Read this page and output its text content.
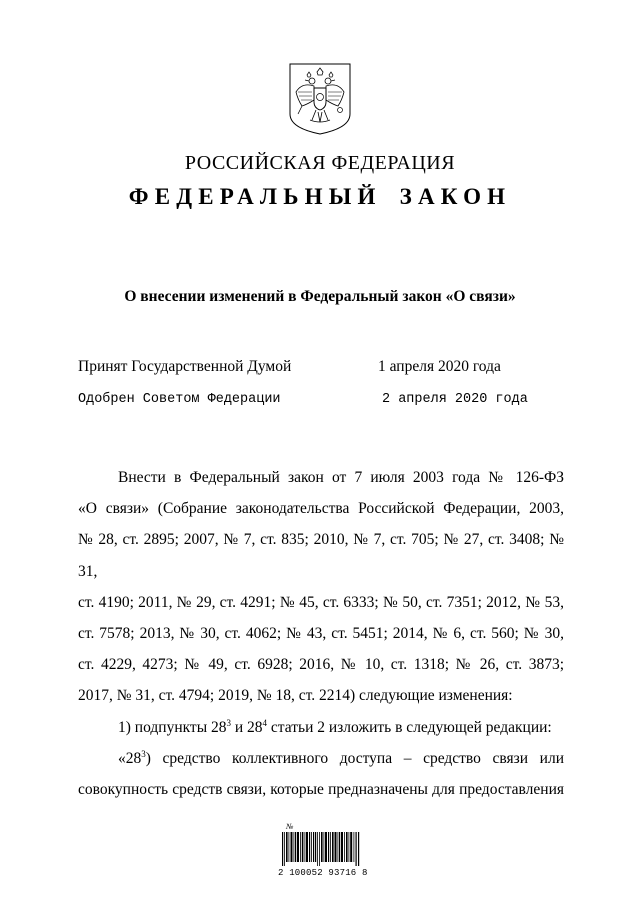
РОССИЙСКАЯ ФЕДЕРАЦИЯ
ФЕДЕРАЛЬНЫЙ ЗАКОН
О внесении изменений в Федеральный закон «О связи»
Принят Государственной Думой	1 апреля 2020 года
Одобрен Советом Федерации	2 апреля 2020 года
Внести в Федеральный закон от 7 июля 2003 года № 126-ФЗ
«О связи» (Собрание законодательства Российской Федерации, 2003,
№ 28, ст. 2895; 2007, № 7, ст. 835; 2010, № 7, ст. 705; № 27, ст. 3408; № 31,
ст. 4190; 2011, № 29, ст. 4291; № 45, ст. 6333; № 50, ст. 7351; 2012, № 53,
ст. 7578; 2013, № 30, ст. 4062; № 43, ст. 5451; 2014, № 6, ст. 560; № 30,
ст. 4229, 4273; № 49, ст. 6928; 2016, № 10, ст. 1318; № 26, ст. 3873;
2017, № 31, ст. 4794; 2019, № 18, ст. 2214) следующие изменения:
1) подпункты $28^3$ и $28^4$ статьи 2 изложить в следующей редакции:
«$28^3$) средство коллективного доступа – средство связи или
совокупность средств связи, которые предназначены для предоставления
№
2 100052 93716 8
